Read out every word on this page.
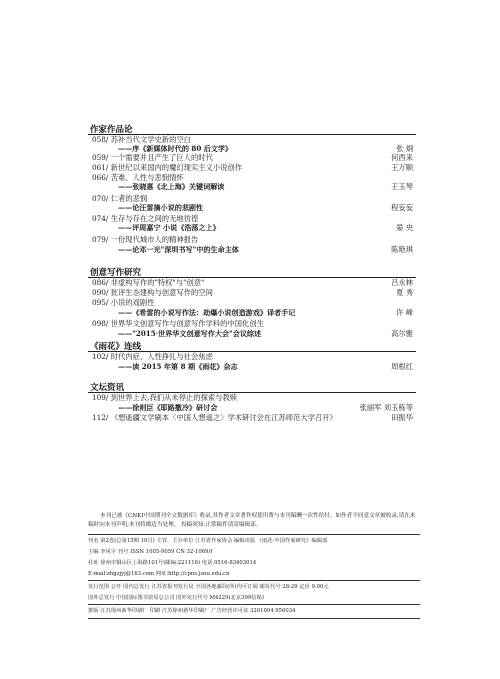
作家作品论
058/ 苏补当代文学史新的空白
——序《新媒体时代的 80 后文学》	张 炯
059/ 一个需要并且产生了巨人的时代	何西来
061/ 新世纪以来国内的魔幻现实主义小说创作	王万顺
066/ 苦难、人性与悲悯情怀
——张晓惠《北上海》关键词解读	王玉琴
070/ 仁者的悲悯
——论汪雷摘小说的悲剧性	程妄妄
074/ 生存与存在之间的无地彷徨
——评周嘉宁 小说《浩荡之上》	晏 央
079/ 一份现代城市人的精神报告
——论邓一光"深圳书写"中的生命主体	陈艳琪
创意写作研究
086/ 非虚构写作的"特权"与"创意"	吕永林
090/ 批评生态建构与创意写作的空间	夏 秀
095/ 小说的戏剧性
——《希雷的小说写作法：劫爆小说创造游戏》译者手记	许 峰
098/ 世界华文创意写作与创意写作学科的中国化创生
——"2015·世界华文创意写作大会"会议综述	高尔雅
《雨花》连线
102/ 时代内症、人性挣扎与社会焦虑
——读 2015 年第 8 期《雨花》杂志	周根红
文坛资讯
109/ 到世界上去,我们从未停止的探索与教赎
——徐则臣《耶路撒冷》研讨会	张丽军 刘玉栋等
112/ 《想遥疆文学刷本〈中国人想遥之〉学术研讨会在江苏师范大学召开》	田振华
本刊已被《CNKI中国期刊全文数据库》收录,其作者文章著作权使用费与本刊稿酬一次性给付。如作者不同意文章被收录,请在来稿时向本刊声明,本刊将做适当处理。 投稿须知:正常稿件请寄编辑部。
刊名 第2卷(总第15期 10月) 主管、主办单位 江苏省作家协会 编辑出版 《雨花·中国作家研究》编辑部
主编 李风宇 刊号 ISSN 1005-9059 CN 32-1069/I
社址 徐州市铜山区上海路101号(邮编:221116) 电话 0516-83403014
E-mail:zhgzjyj@163.com 网址:http://cpns.jsnu.edu.cn
发行范围 公开 国内总发行 江苏省报刊发行局 全国各地邮局(所)均可订阅 邮发代号 28-29 定价 9.00元
国外总发行 中国国际图书贸易总公司 国外发行代号 M4229(北京399信箱)
排版 江苏徐州新华印刷厂 印刷 江苏徐州新华印刷厂 广告经营许可证 3201004 950034
